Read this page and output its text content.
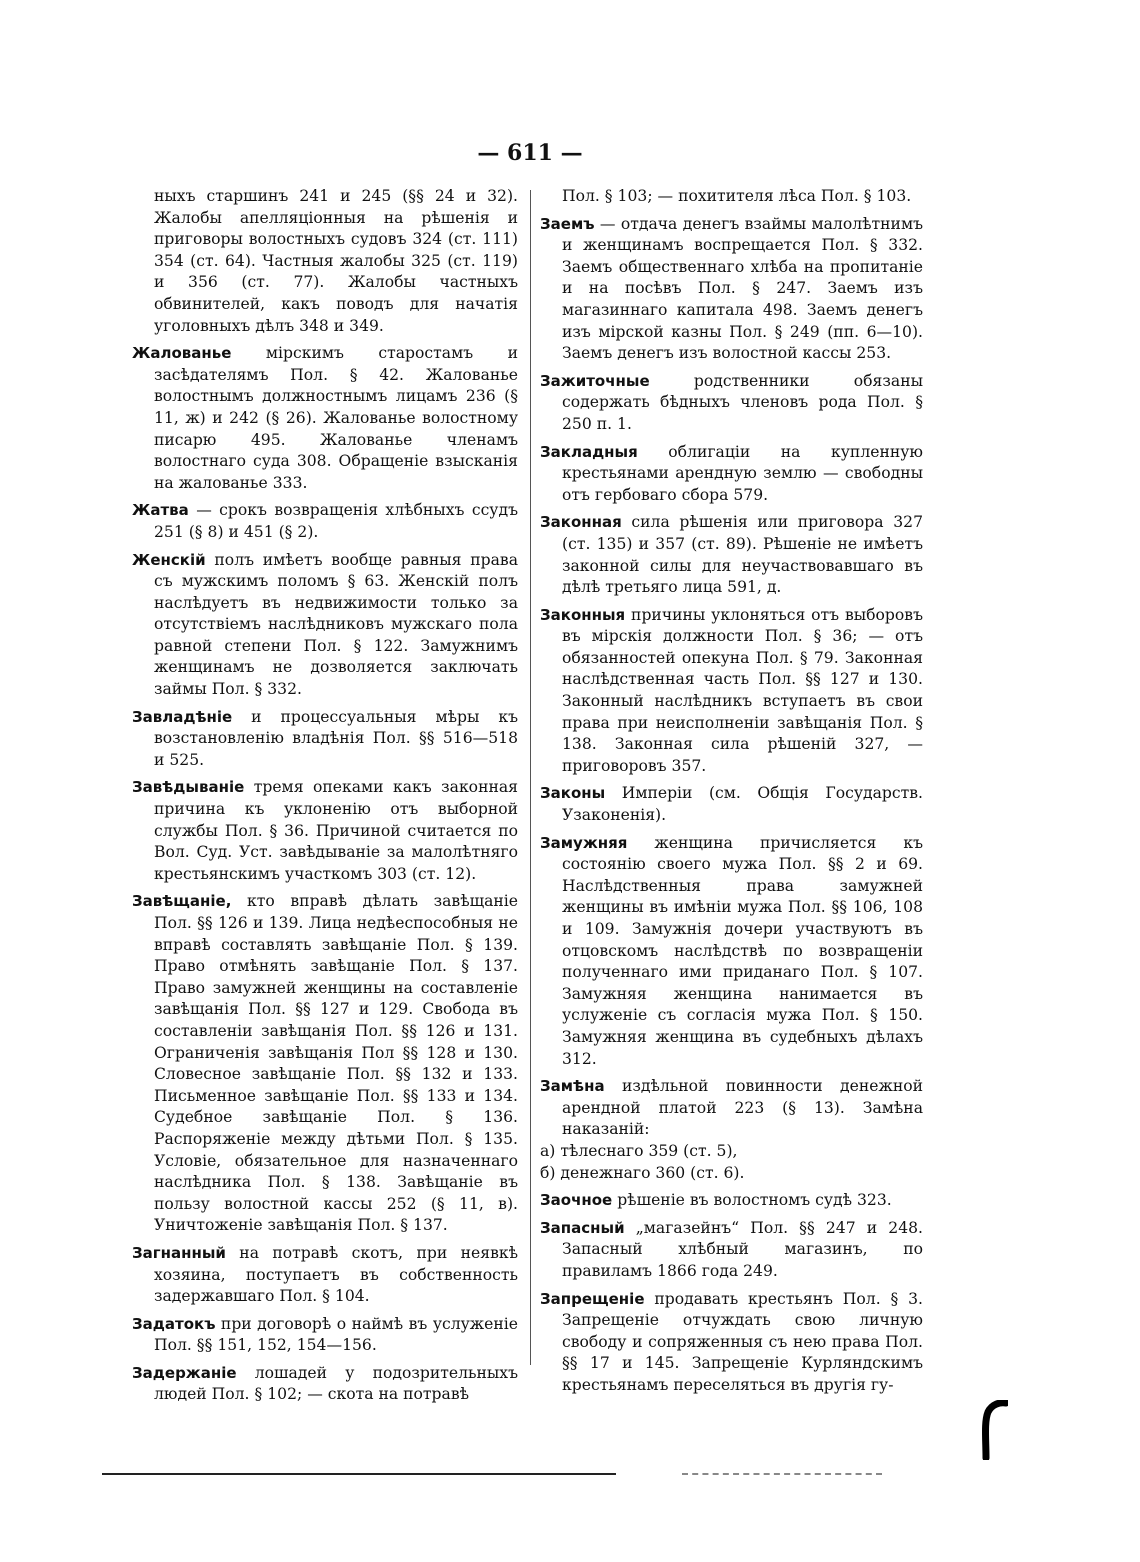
— 611 —

ныхъ старшинъ 241 и 245 (§§ 24 и 32). Жалобы апелляціонныя на рѣшенія и приговоры волостныхъ судовъ 324 (ст. 111) 354 (ст. 64). Частныя жалобы 325 (ст. 119) и 356 (ст. 77). Жалобы частныхъ обвинителей, какъ поводъ для начатія уголовныхъ дѣлъ 348 и 349.

Жалованье мірскимъ старостамъ и засѣдателямъ Пол. § 42. Жалованье волостнымъ должностнымъ лицамъ 236 (§ 11, ж) и 242 (§ 26). Жалованье волостному писарю 495. Жалованье членамъ волостнаго суда 308. Обращеніе взысканія на жалованье 333.

Жатва — срокъ возвращенія хлѣбныхъ ссудъ 251 (§ 8) и 451 (§ 2).

Женскій полъ имѣетъ вообще равныя права съ мужскимъ поломъ § 63. Женскій полъ наслѣдуетъ въ недвижимости только за отсутствіемъ наслѣдниковъ мужскаго пола равной степени Пол. § 122. Замужнимъ женщинамъ не дозволяется заключать займы Пол. § 332.

Завладѣніе и процессуальныя мѣры къ возстановленію владѣнія Пол. §§ 516—518 и 525.

Завѣдываніе тремя опеками какъ законная причина къ уклоненію отъ выборной службы Пол. § 36. Причиной считается по Вол. Суд. Уст. завѣдываніе за малолѣтняго крестьянскимъ участкомъ 303 (ст. 12).

Завѣщаніе, кто вправѣ дѣлать завѣщаніе Пол. §§ 126 и 139. Лица недѣеспособныя не вправѣ составлять завѣщаніе Пол. § 139. Право отмѣнять завѣщаніе Пол. § 137. Право замужней женщины на составленіе завѣщанія Пол. §§ 127 и 129. Свобода въ составленіи завѣщанія Пол. §§ 126 и 131. Ограниченія завѣщанія Пол §§ 128 и 130. Словесное завѣщаніе Пол. §§ 132 и 133. Письменное завѣщаніе Пол. §§ 133 и 134. Судебное завѣщаніе Пол. § 136. Распоряженіе между дѣтьми Пол. § 135. Условіе, обязательное для назначеннаго наслѣдника Пол. § 138. Завѣщаніе въ пользу волостной кассы 252 (§ 11, в). Уничтоженіе завѣщанія Пол. § 137.

Загнанный на потравѣ скотъ, при неявкѣ хозяина, поступаетъ въ собственность задержавшаго Пол. § 104.

Задатокъ при договорѣ о наймѣ въ услуженіе Пол. §§ 151, 152, 154—156.

Задержаніе лошадей у подозрительныхъ людей Пол. § 102; — скота на потравѣ

Пол. § 103; — похитителя лѣса Пол. § 103.

Заемъ — отдача денегъ взаймы малолѣтнимъ и женщинамъ воспрещается Пол. § 332. Заемъ общественнаго хлѣба на пропитаніе и на посѣвъ Пол. § 247. Заемъ изъ магазиннаго капитала 498. Заемъ денегъ изъ мірской казны Пол. § 249 (пп. 6—10). Заемъ денегъ изъ волостной кассы 253.

Зажиточные родственники обязаны содержать бѣдныхъ членовъ рода Пол. § 250 п. 1.

Закладныя облигаціи на купленную крестьянами арендную землю — свободны отъ гербоваго сбора 579.

Законная сила рѣшенія или приговора 327 (ст. 135) и 357 (ст. 89). Рѣшеніе не имѣетъ законной силы для неучаствовавшаго въ дѣлѣ третьяго лица 591, д.

Законныя причины уклоняться отъ выборовъ въ мірскія должности Пол. § 36; — отъ обязанностей опекуна Пол. § 79. Законная наслѣдственная часть Пол. §§ 127 и 130. Законный наслѣдникъ вступаетъ въ свои права при неисполненіи завѣщанія Пол. § 138. Законная сила рѣшеній 327, — приговоровъ 357.

Законы Имперіи (см. Общія Государств. Узаконенія).

Замужняя женщина причисляется къ состоянію своего мужа Пол. §§ 2 и 69. Наслѣдственныя права замужней женщины въ имѣніи мужа Пол. §§ 106, 108 и 109. Замужнія дочери участвуютъ въ отцовскомъ наслѣдствѣ по возвращеніи полученнаго ими приданаго Пол. § 107. Замужняя женщина нанимается въ услуженіе съ согласія мужа Пол. § 150. Замужняя женщина въ судебныхъ дѣлахъ 312.

Замѣна издѣльной повинности денежной арендной платой 223 (§ 13). Замѣна наказаній:
а) тѣлеснаго 359 (ст. 5),
б) денежнаго 360 (ст. 6).

Заочное рѣшеніе въ волостномъ судѣ 323.

Запасный „магазейнъ“ Пол. §§ 247 и 248. Запасный хлѣбный магазинъ, по правиламъ 1866 года 249.

Запрещеніе продавать крестьянъ Пол. § 3. Запрещеніе отчуждать свою личную свободу и сопряженныя съ нею права Пол. §§ 17 и 145. Запрещеніе Курляндскимъ крестьянамъ переселяться въ другія гу-
